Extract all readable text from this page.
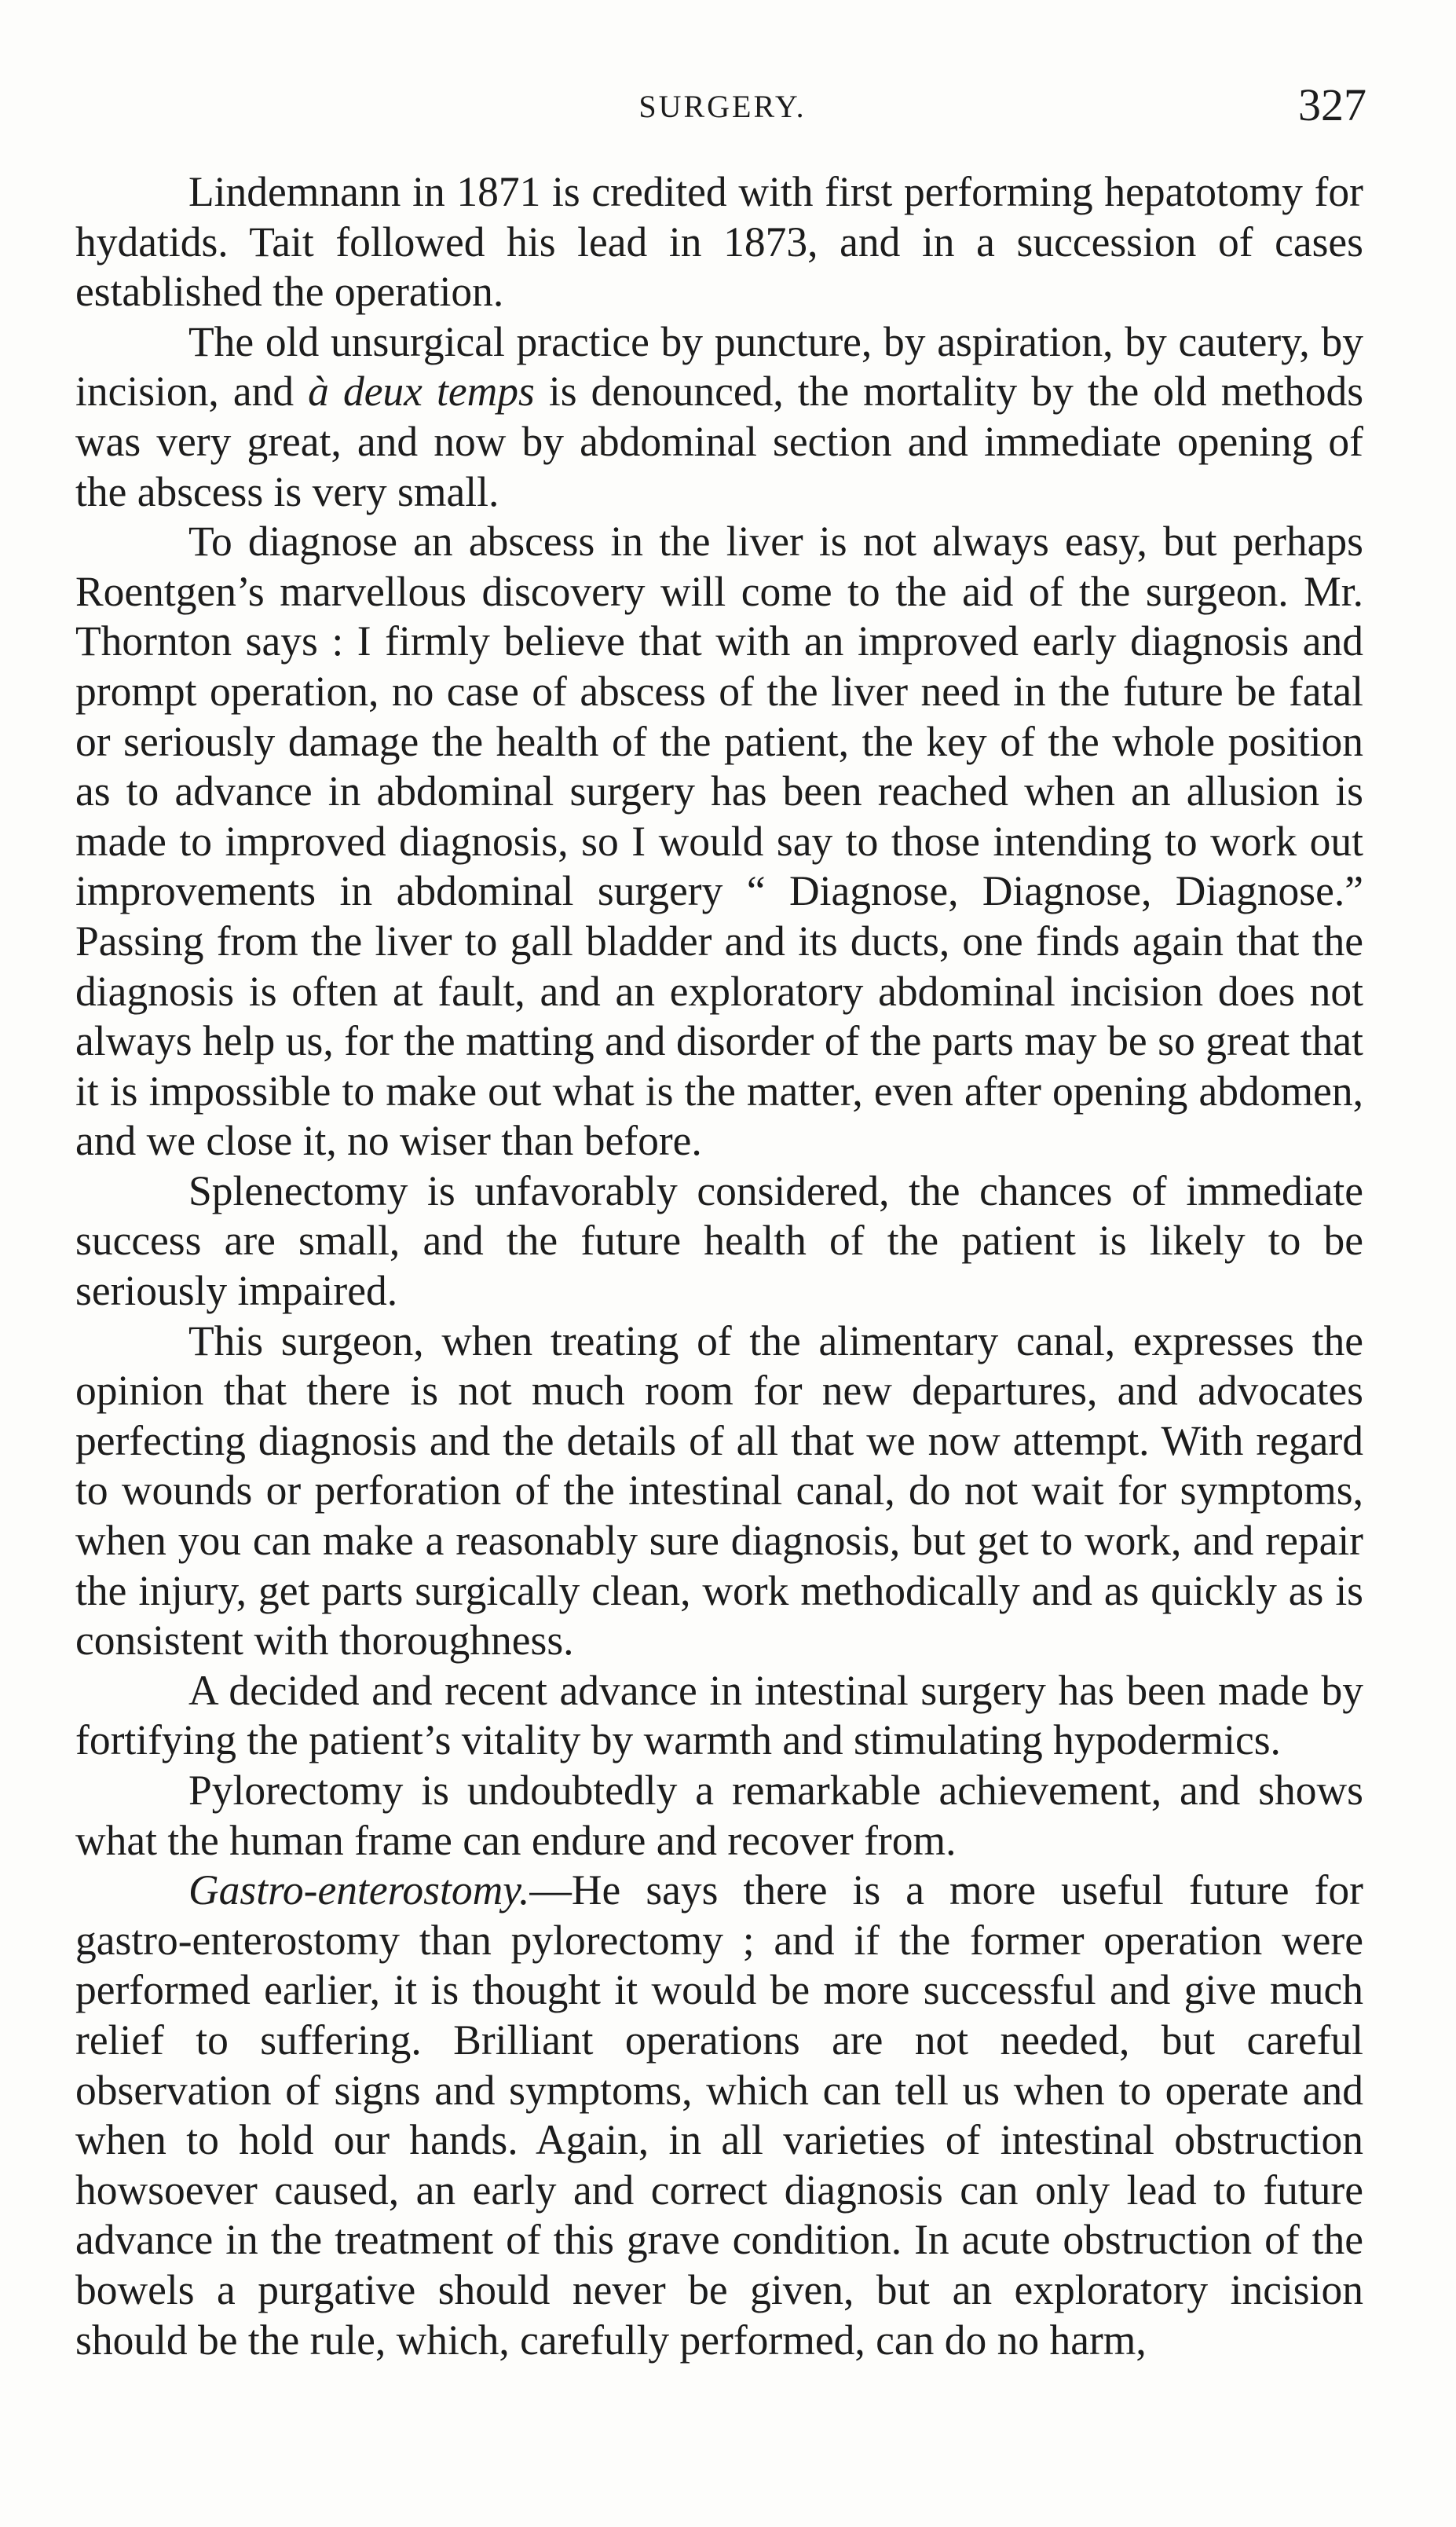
SURGERY.	327

Lindemnann in 1871 is credited with first performing hepatotomy for hydatids. Tait followed his lead in 1873, and in a succession of cases established the operation.

The old unsurgical practice by puncture, by aspiration, by cautery, by incision, and à deux temps is denounced, the mortality by the old methods was very great, and now by abdominal section and immediate opening of the abscess is very small.

To diagnose an abscess in the liver is not always easy, but perhaps Roentgen’s marvellous discovery will come to the aid of the surgeon. Mr. Thornton says : I firmly believe that with an improved early diagnosis and prompt operation, no case of abscess of the liver need in the future be fatal or seriously damage the health of the patient, the key of the whole position as to advance in abdominal surgery has been reached when an allusion is made to improved diagnosis, so I would say to those intending to work out improvements in abdominal surgery “ Diagnose, Diagnose, Diagnose.” Passing from the liver to gall bladder and its ducts, one finds again that the diagnosis is often at fault, and an exploratory abdominal incision does not always help us, for the matting and disorder of the parts may be so great that it is impossible to make out what is the matter, even after opening abdomen, and we close it, no wiser than before.

Splenectomy is unfavorably considered, the chances of immediate success are small, and the future health of the patient is likely to be seriously impaired.

This surgeon, when treating of the alimentary canal, expresses the opinion that there is not much room for new departures, and advocates perfecting diagnosis and the details of all that we now attempt. With regard to wounds or perforation of the intestinal canal, do not wait for symptoms, when you can make a reasonably sure diagnosis, but get to work, and repair the injury, get parts surgically clean, work methodically and as quickly as is consistent with thoroughness.

A decided and recent advance in intestinal surgery has been made by fortifying the patient’s vitality by warmth and stimulating hypodermics.

Pylorectomy is undoubtedly a remarkable achievement, and shows what the human frame can endure and recover from.

Gastro-enterostomy.—He says there is a more useful future for gastro-enterostomy than pylorectomy ; and if the former operation were performed earlier, it is thought it would be more successful and give much relief to suffering. Brilliant operations are not needed, but careful observation of signs and symptoms, which can tell us when to operate and when to hold our hands. Again, in all varieties of intestinal obstruction howsoever caused, an early and correct diagnosis can only lead to future advance in the treatment of this grave condition. In acute obstruction of the bowels a purgative should never be given, but an exploratory incision should be the rule, which, carefully performed, can do no harm,
